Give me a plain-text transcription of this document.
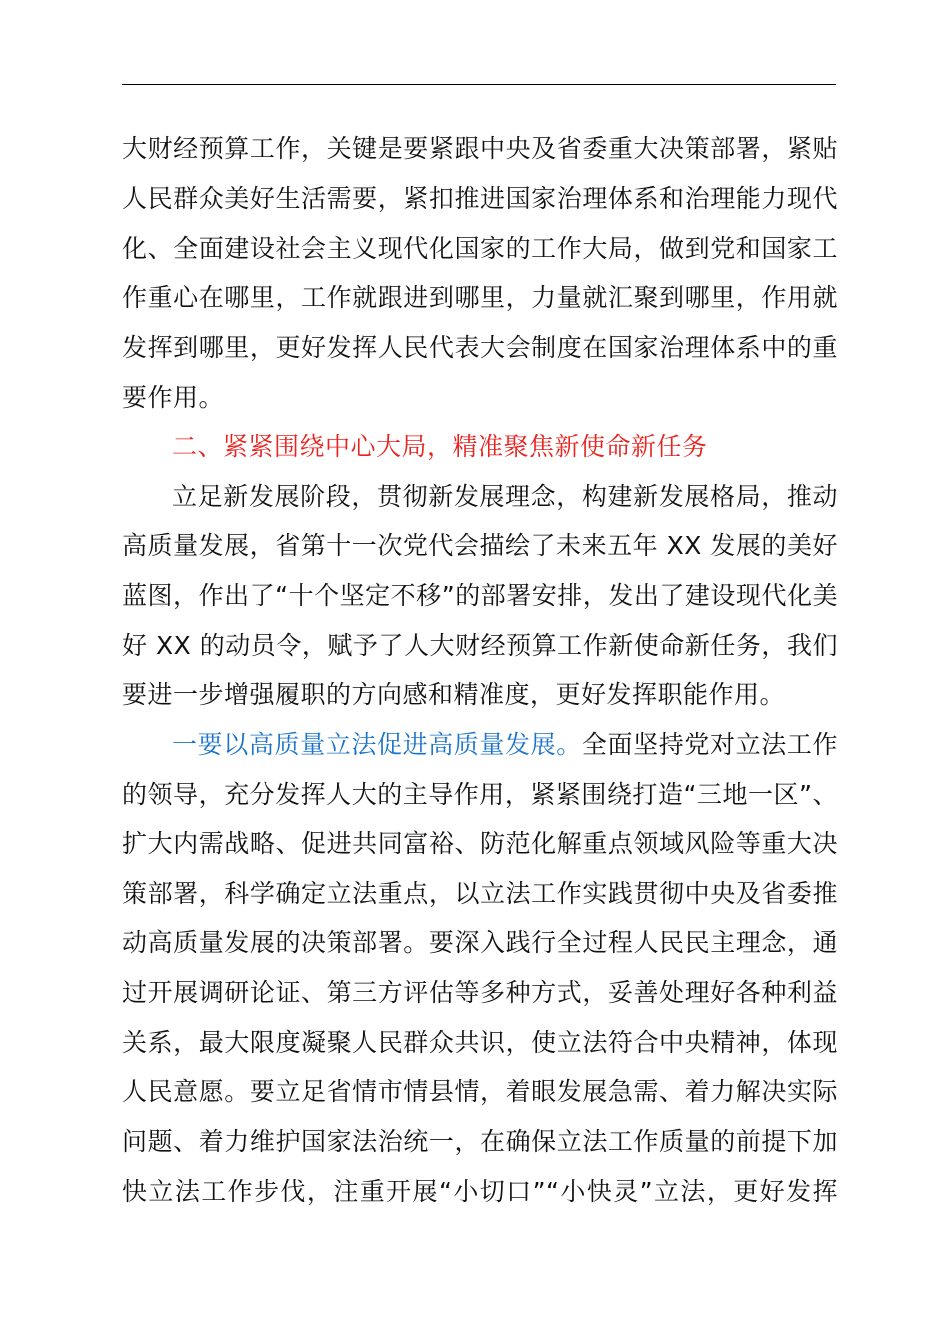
大财经预算工作，关键是要紧跟中央及省委重大决策部署，紧贴
人民群众美好生活需要，紧扣推进国家治理体系和治理能力现代
化、全面建设社会主义现代化国家的工作大局，做到党和国家工
作重心在哪里，工作就跟进到哪里，力量就汇聚到哪里，作用就
发挥到哪里，更好发挥人民代表大会制度在国家治理体系中的重
要作用。
二、紧紧围绕中心大局，精准聚焦新使命新任务
立足新发展阶段，贯彻新发展理念，构建新发展格局，推动
高质量发展，省第十一次党代会描绘了未来五年 XX 发展的美好
蓝图，作出了“十个坚定不移”的部署安排，发出了建设现代化美
好 XX 的动员令，赋予了人大财经预算工作新使命新任务，我们
要进一步增强履职的方向感和精准度，更好发挥职能作用。
一要以高质量立法促进高质量发展。全面坚持党对立法工作
的领导，充分发挥人大的主导作用，紧紧围绕打造“三地一区”、
扩大内需战略、促进共同富裕、防范化解重点领域风险等重大决
策部署，科学确定立法重点，以立法工作实践贯彻中央及省委推
动高质量发展的决策部署。要深入践行全过程人民民主理念，通
过开展调研论证、第三方评估等多种方式，妥善处理好各种利益
关系，最大限度凝聚人民群众共识，使立法符合中央精神，体现
人民意愿。要立足省情市情县情，着眼发展急需、着力解决实际
问题、着力维护国家法治统一，在确保立法工作质量的前提下加
快立法工作步伐，注重开展“小切口”“小快灵”立法，更好发挥
